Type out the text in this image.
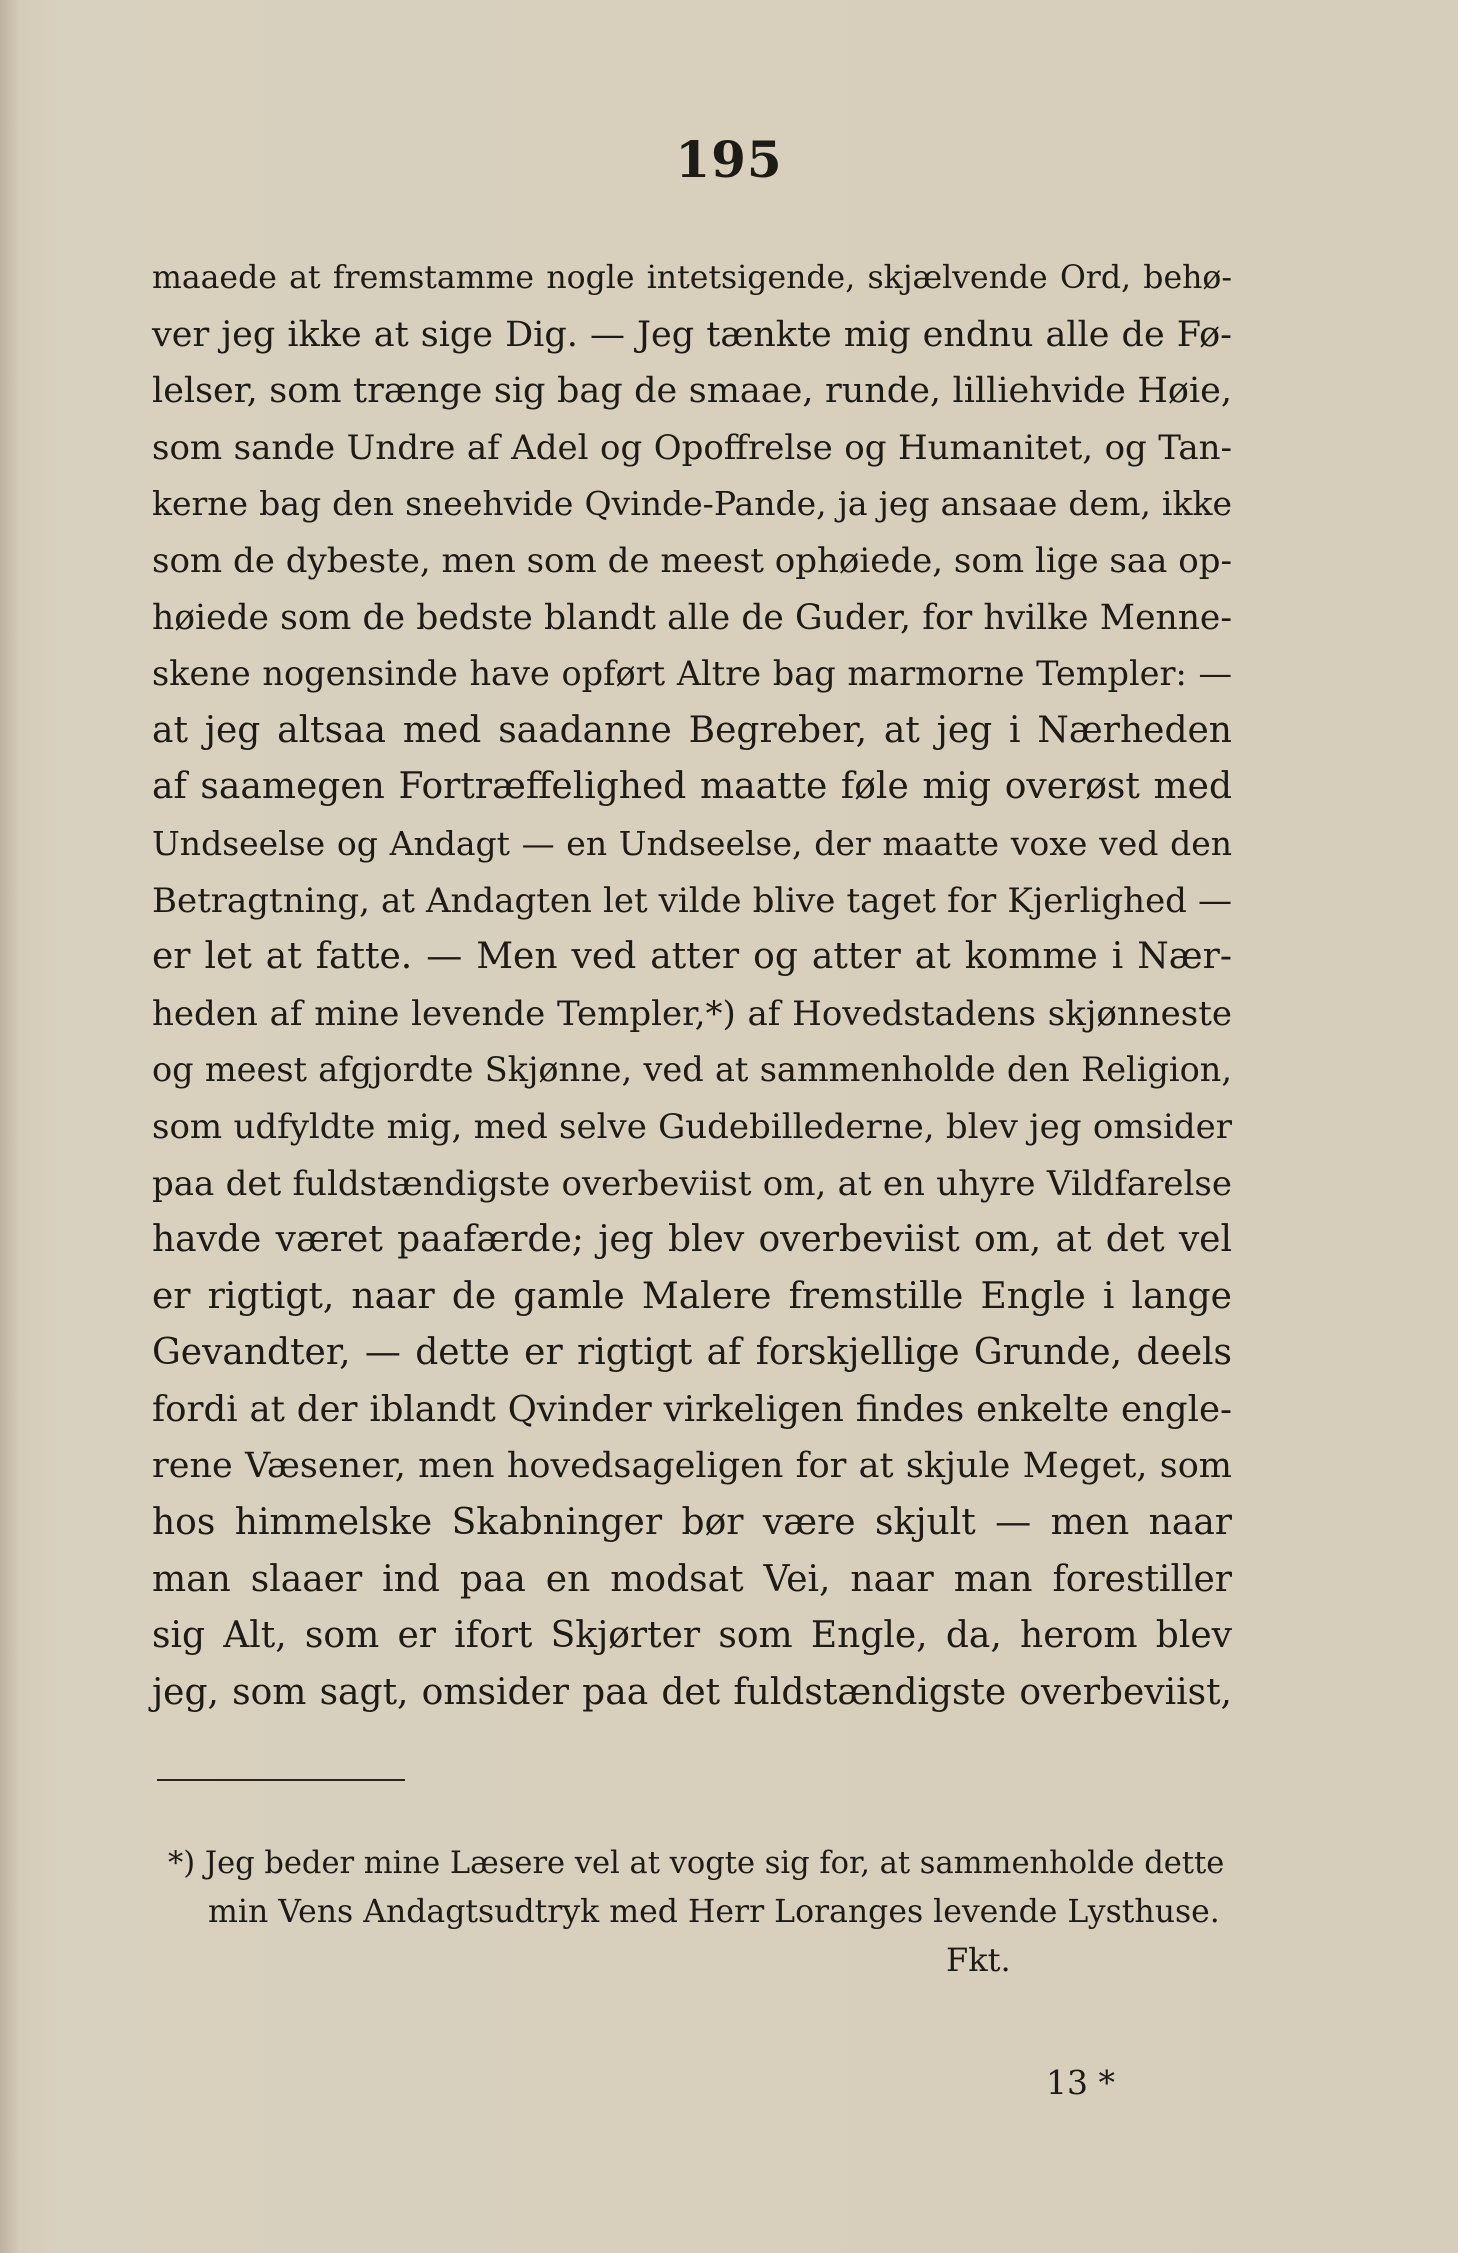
195
maaede at fremstamme nogle intetsigende, skjælvende Ord, behø-
ver jeg ikke at sige Dig. — Jeg tænkte mig endnu alle de Fø-
lelser, som trænge sig bag de smaae, runde, lilliehvide Høie,
som sande Undre af Adel og Opoffrelse og Humanitet, og Tan-
kerne bag den sneehvide Qvinde-Pande, ja jeg ansaae dem, ikke
som de dybeste, men som de meest ophøiede, som lige saa op-
høiede som de bedste blandt alle de Guder, for hvilke Menne-
skene nogensinde have opført Altre bag marmorne Templer: —
at jeg altsaa med saadanne Begreber, at jeg i Nærheden
af saamegen Fortræffelighed maatte føle mig overøst med
Undseelse og Andagt — en Undseelse, der maatte voxe ved den
Betragtning, at Andagten let vilde blive taget for Kjerlighed —
er let at fatte. — Men ved atter og atter at komme i Nær-
heden af mine levende Templer,*) af Hovedstadens skjønneste
og meest afgjordte Skjønne, ved at sammenholde den Religion,
som udfyldte mig, med selve Gudebillederne, blev jeg omsider
paa det fuldstændigste overbeviist om, at en uhyre Vildfarelse
havde været paafærde; jeg blev overbeviist om, at det vel
er rigtigt, naar de gamle Malere fremstille Engle i lange
Gevandter, — dette er rigtigt af forskjellige Grunde, deels
fordi at der iblandt Qvinder virkeligen findes enkelte engle-
rene Væsener, men hovedsageligen for at skjule Meget, som
hos himmelske Skabninger bør være skjult — men naar
man slaaer ind paa en modsat Vei, naar man forestiller
sig Alt, som er ifort Skjørter som Engle, da, herom blev
jeg, som sagt, omsider paa det fuldstændigste overbeviist,
*) Jeg beder mine Læsere vel at vogte sig for, at sammenholde dette
min Vens Andagtsudtryk med Herr Loranges levende Lysthuse.
Fkt.
13 *
